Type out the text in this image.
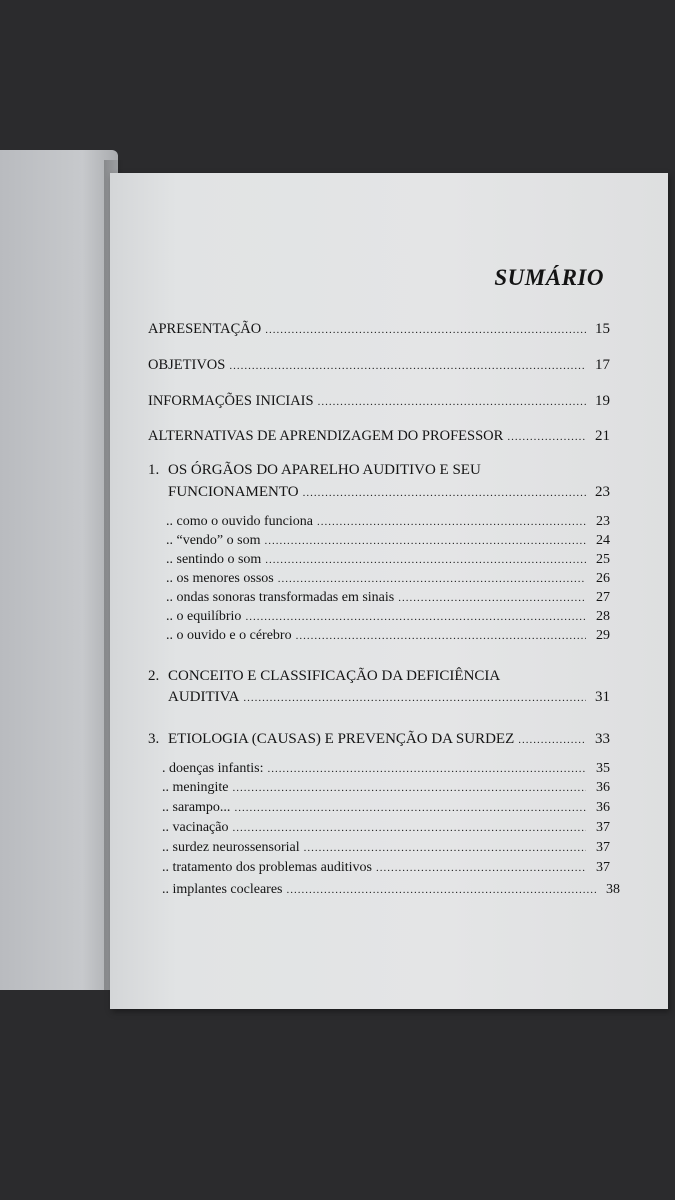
SUMÁRIO
APRESENTAÇÃO .....	15
OBJETIVOS .....	17
INFORMAÇÕES INICIAIS .....	19
ALTERNATIVAS DE APRENDIZAGEM DO PROFESSOR .....	21
1. OS ÓRGÃOS DO APARELHO AUDITIVO E SEU
FUNCIONAMENTO .....	23
.. como o ouvido funciona .....	23
.. “vendo” o som .....	24
.. sentindo o som .....	25
.. os menores ossos .....	26
.. ondas sonoras transformadas em sinais .....	27
.. o equilíbrio .....	28
.. o ouvido e o cérebro .....	29
2. CONCEITO E CLASSIFICAÇÃO DA DEFICIÊNCIA
AUDITIVA .....	31
3. ETIOLOGIA (CAUSAS) E PREVENÇÃO DA SURDEZ .....	33
. doenças infantis: .....	35
.. meningite .....	36
.. sarampo... .....	36
.. vacinação .....	37
.. surdez neurossensorial .....	37
.. tratamento dos problemas auditivos .....	37
.. implantes cocleares .....	38
